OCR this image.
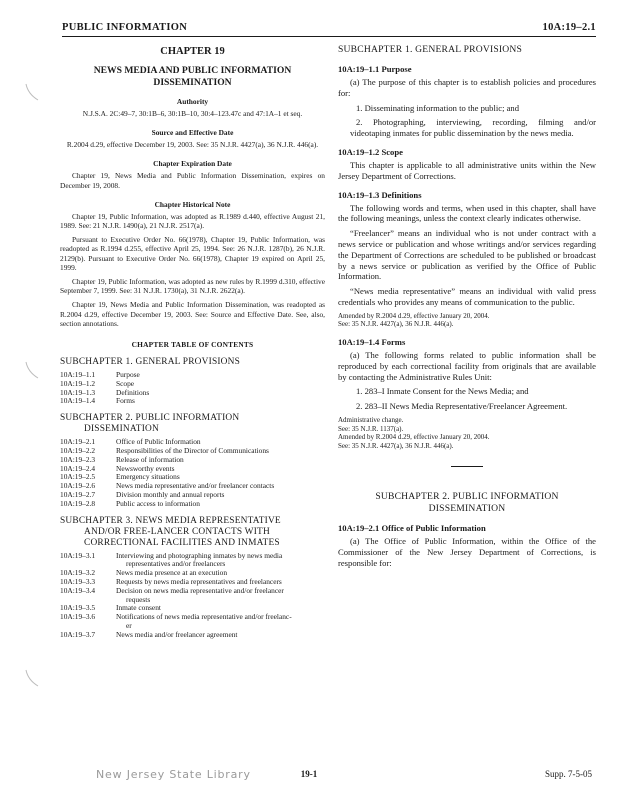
PUBLIC INFORMATION	10A:19–2.1
CHAPTER 19
NEWS MEDIA AND PUBLIC INFORMATION DISSEMINATION
Authority
N.J.S.A. 2C:49–7, 30:1B–6, 30:1B–10, 30:4–123.47c and 47:1A–1 et seq.
Source and Effective Date
R.2004 d.29, effective December 19, 2003. See: 35 N.J.R. 4427(a), 36 N.J.R. 446(a).
Chapter Expiration Date
Chapter 19, News Media and Public Information Dissemination, expires on December 19, 2008.
Chapter Historical Note
Chapter 19, Public Information, was adopted as R.1989 d.440, effective August 21, 1989. See: 21 N.J.R. 1490(a), 21 N.J.R. 2517(a).
Pursuant to Executive Order No. 66(1978), Chapter 19, Public Information, was readopted as R.1994 d.255, effective April 25, 1994. See: 26 N.J.R. 1287(b), 26 N.J.R. 2129(b). Pursuant to Executive Order No. 66(1978), Chapter 19 expired on April 25, 1999.
Chapter 19, Public Information, was adopted as new rules by R.1999 d.310, effective September 7, 1999. See: 31 N.J.R. 1730(a), 31 N.J.R. 2622(a).
Chapter 19, News Media and Public Information Dissemination, was readopted as R.2004 d.29, effective December 19, 2003. See: Source and Effective Date. See, also, section annotations.
CHAPTER TABLE OF CONTENTS
SUBCHAPTER 1. GENERAL PROVISIONS
10A:19–1.1	Purpose
10A:19–1.2	Scope
10A:19–1.3	Definitions
10A:19–1.4	Forms
SUBCHAPTER 2. PUBLIC INFORMATION
DISSEMINATION
10A:19–2.1	Office of Public Information
10A:19–2.2	Responsibilities of the Director of Communications
10A:19–2.3	Release of information
10A:19–2.4	Newsworthy events
10A:19–2.5	Emergency situations
10A:19–2.6	News media representative and/or freelancer contacts
10A:19–2.7	Division monthly and annual reports
10A:19–2.8	Public access to information
SUBCHAPTER 3. NEWS MEDIA REPRESENTATIVE
AND/OR FREE-LANCER CONTACTS WITH
CORRECTIONAL FACILITIES AND INMATES
10A:19–3.1	Interviewing and photographing inmates by news media
representatives and/or freelancers
10A:19–3.2	News media presence at an execution
10A:19–3.3	Requests by news media representatives and freelancers
10A:19–3.4	Decision on news media representative and/or freelancer
requests
10A:19–3.5	Inmate consent
10A:19–3.6	Notifications of news media representative and/or freelanc-
er
10A:19–3.7	News media and/or freelancer agreement
SUBCHAPTER 1. GENERAL PROVISIONS
10A:19–1.1 Purpose
(a) The purpose of this chapter is to establish policies and procedures for:
1. Disseminating information to the public; and
2. Photographing, interviewing, recording, filming and/or videotaping inmates for public dissemination by the news media.
10A:19–1.2 Scope
This chapter is applicable to all administrative units within the New Jersey Department of Corrections.
10A:19–1.3 Definitions
The following words and terms, when used in this chapter, shall have the following meanings, unless the context clearly indicates otherwise.
“Freelancer” means an individual who is not under contract with a news service or publication and whose writings and/or services regarding the Department of Corrections are scheduled to be published or broadcast by a news service or publication as verified by the Office of Public Information.
“News media representative” means an individual with valid press credentials who provides any means of communication to the public.
Amended by R.2004 d.29, effective January 20, 2004.
See: 35 N.J.R. 4427(a), 36 N.J.R. 446(a).
10A:19–1.4 Forms
(a) The following forms related to public information shall be reproduced by each correctional facility from originals that are available by contacting the Administrative Rules Unit:
1. 283–I Inmate Consent for the News Media; and
2. 283–II News Media Representative/Freelancer Agreement.
Administrative change.
See: 35 N.J.R. 1137(a).
Amended by R.2004 d.29, effective January 20, 2004.
See: 35 N.J.R. 4427(a), 36 N.J.R. 446(a).
SUBCHAPTER 2. PUBLIC INFORMATION
DISSEMINATION
10A:19–2.1 Office of Public Information
(a) The Office of Public Information, within the Office of the Commissioner of the New Jersey Department of Corrections, is responsible for:
New Jersey State Library	19-1	Supp. 7-5-05
